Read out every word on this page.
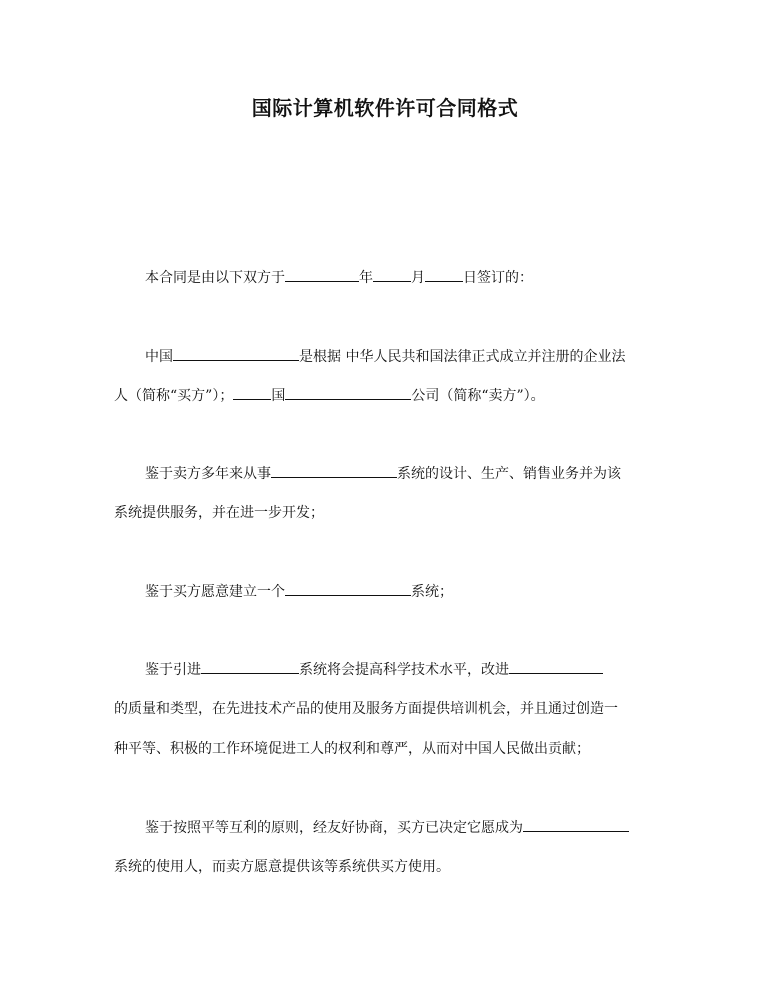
国际计算机软件许可合同格式
本合同是由以下双方于	年	月	日签订的：
中国	是根据 中华人民共和国法律正式成立并注册的企业法
人（简称“买方”）；	国	公司（简称“卖方”）。
鉴于卖方多年来从事	系统的设计、生产、销售业务并为该
系统提供服务，并在进一步开发；
鉴于买方愿意建立一个	系统；
鉴于引进	系统将会提高科学技术水平，改进
的质量和类型，在先进技术产品的使用及服务方面提供培训机会，并且通过创造一
种平等、积极的工作环境促进工人的权利和尊严，从而对中国人民做出贡献；
鉴于按照平等互利的原则，经友好协商，买方已决定它愿成为
系统的使用人，而卖方愿意提供该等系统供买方使用。
